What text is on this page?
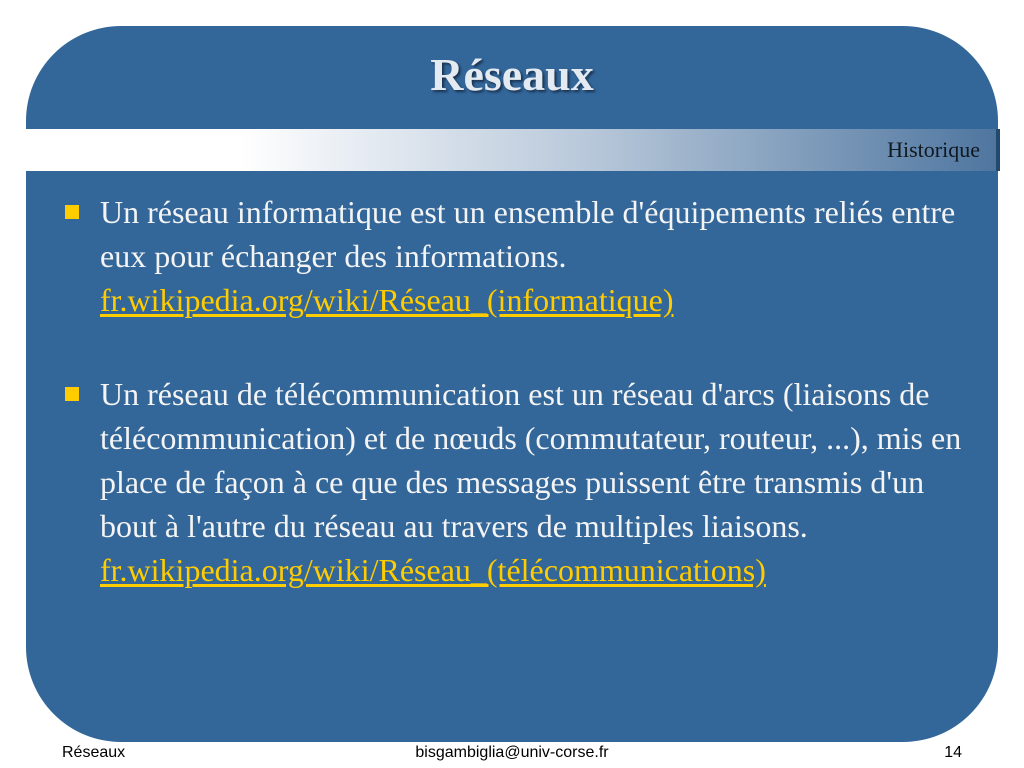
Réseaux
Historique
Un réseau informatique est un ensemble d'équipements reliés entre eux pour échanger des informations.
fr.wikipedia.org/wiki/Réseau_(informatique)
Un réseau de télécommunication est un réseau d'arcs (liaisons de télécommunication) et de nœuds (commutateur, routeur, ...), mis en place de façon à ce que des messages puissent être transmis d'un bout à l'autre du réseau au travers de multiples liaisons.
fr.wikipedia.org/wiki/Réseau_(télécommunications)
Réseaux	bisgambiglia@univ-corse.fr	14
